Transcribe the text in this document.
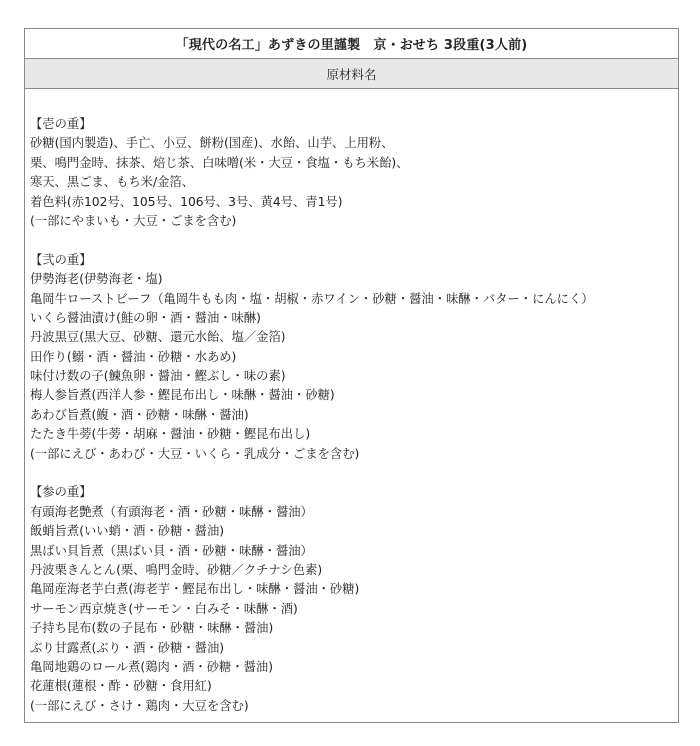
「現代の名工」あずきの里謹製　京・おせち 3段重(3人前)
原材料名
【壱の重】
砂糖(国内製造)、手亡、小豆、餅粉(国産)、水飴、山芋、上用粉、
栗、鳴門金時、抹茶、焙じ茶、白味噌(米・大豆・食塩・もち米飴)、
寒天、黒ごま、もち米/金箔、
着色料(赤102号、105号、106号、3号、黄4号、青1号)
(一部にやまいも・大豆・ごまを含む)
【弐の重】
伊勢海老(伊勢海老・塩)
亀岡牛ローストビーフ（亀岡牛もも肉・塩・胡椒・赤ワイン・砂糖・醤油・味醂・バター・にんにく）
いくら醤油漬け(鮭の卵・酒・醤油・味醂)
丹波黒豆(黒大豆、砂糖、還元水飴、塩／金箔)
田作り(鰯・酒・醤油・砂糖・水あめ)
味付け数の子(鰊魚卵・醤油・鰹ぶし・味の素)
梅人参旨煮(西洋人参・鰹昆布出し・味醂・醤油・砂糖)
あわび旨煮(鰒・酒・砂糖・味醂・醤油)
たたき牛蒡(牛蒡・胡麻・醤油・砂糖・鰹昆布出し)
(一部にえび・あわび・大豆・いくら・乳成分・ごまを含む)
【参の重】
有頭海老艶煮（有頭海老・酒・砂糖・味醂・醤油）
飯蛸旨煮(いい蛸・酒・砂糖・醤油)
黒ばい貝旨煮（黒ばい貝・酒・砂糖・味醂・醤油）
丹波栗きんとん(栗、鳴門金時、砂糖／クチナシ色素)
亀岡産海老芋白煮(海老芋・鰹昆布出し・味醂・醤油・砂糖)
サーモン西京焼き(サーモン・白みそ・味醂・酒)
子持ち昆布(数の子昆布・砂糖・味醂・醤油)
ぶり甘露煮(ぶり・酒・砂糖・醤油)
亀岡地鶏のロール煮(鶏肉・酒・砂糖・醤油)
花蓮根(蓮根・酢・砂糖・食用紅)
(一部にえび・さけ・鶏肉・大豆を含む)
